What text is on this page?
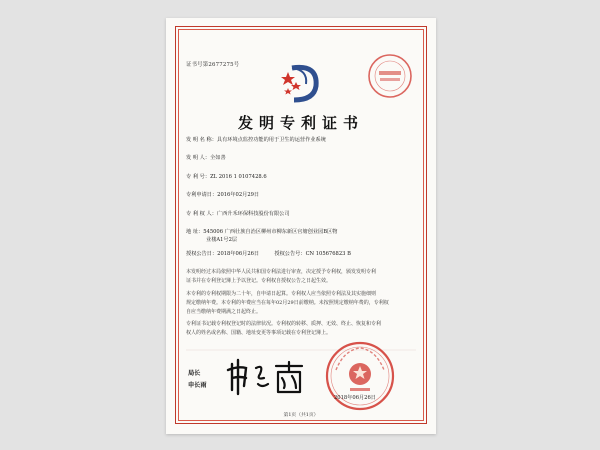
证书号第2677275号
发明专利证书
发 明 名 称：具有环境点监控功能的用于卫生的运营作业系统
发 明 人：全如善
专 利 号：ZL 2016 1 0107428.6
专利申请日：2016年02月29日
专 利 权 人：广西升禾环保科技股份有限公司
地 址：545006 广西壮族自治区柳州市柳东新区官塘创业园B区物
业楼A1号2层
授权公告日：2018年06月26日	授权公告号：CN 105676823 B
本发明经过本局依照中华人民共和国专利法进行审查，决定授予专利权，颁发发明专利
证书并在专利登记簿上予以登记。专利权自授权公告之日起生效。
本专利的专利权期限为二十年，自申请日起算。专利权人应当依照专利法及其实施细则
规定缴纳年费。本专利的年费应当在每年02月29日前缴纳。未按照规定缴纳年费的，专利权
自应当缴纳年费期满之日起终止。
专利证书记载专利权登记时的法律状况。专利权的转移、质押、无效、终止、恢复和专利
权人的姓名或名称、国籍、地址变更等事项记载在专利登记簿上。
局长
申长雨
2018年06月26日
第1页（共1页）
